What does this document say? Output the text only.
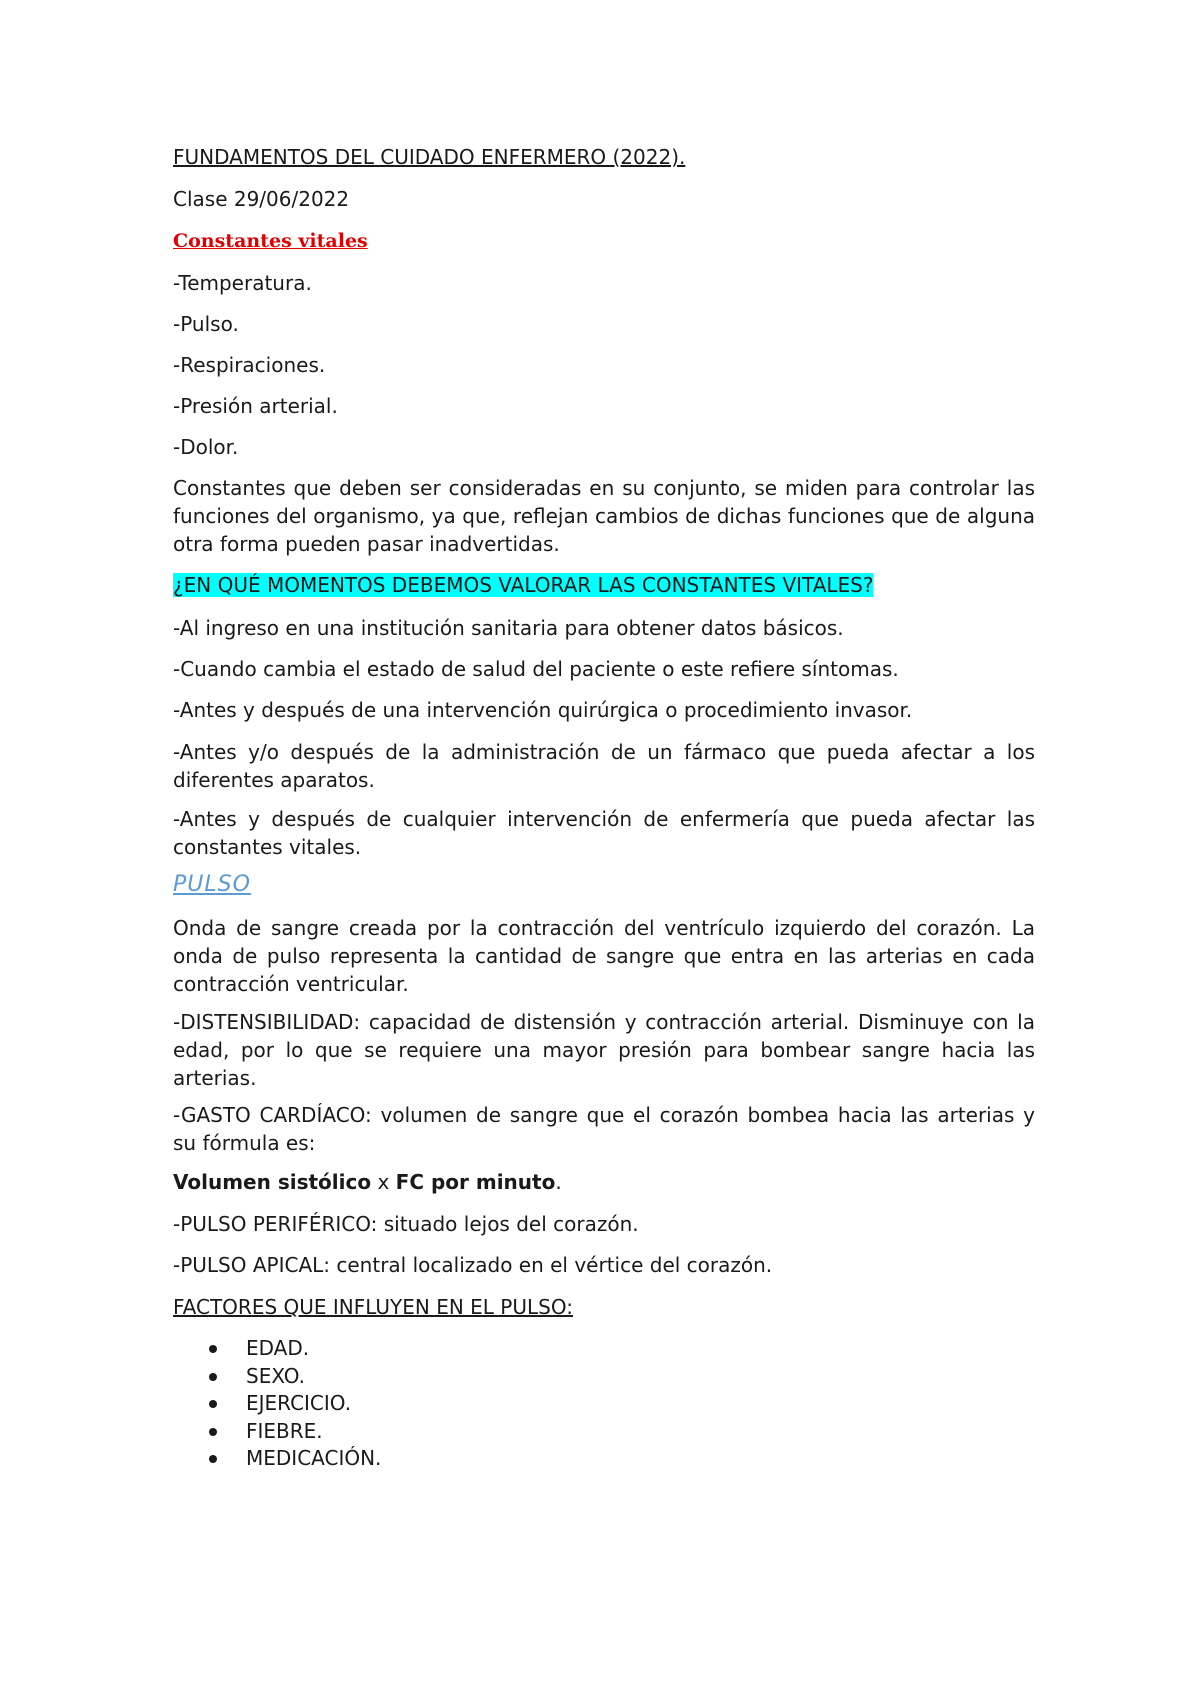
FUNDAMENTOS DEL CUIDADO ENFERMERO (2022).
Clase 29/06/2022
Constantes vitales
-Temperatura.
-Pulso.
-Respiraciones.
-Presión arterial.
-Dolor.
Constantes que deben ser consideradas en su conjunto, se miden para controlar las funciones del organismo, ya que, reflejan cambios de dichas funciones que de alguna otra forma pueden pasar inadvertidas.
¿EN QUÉ MOMENTOS DEBEMOS VALORAR LAS CONSTANTES VITALES?
-Al ingreso en una institución sanitaria para obtener datos básicos.
-Cuando cambia el estado de salud del paciente o este refiere síntomas.
-Antes y después de una intervención quirúrgica o procedimiento invasor.
-Antes y/o después de la administración de un fármaco que pueda afectar a los diferentes aparatos.
-Antes y después de cualquier intervención de enfermería que pueda afectar las constantes vitales.
PULSO
Onda de sangre creada por la contracción del ventrículo izquierdo del corazón. La onda de pulso representa la cantidad de sangre que entra en las arterias en cada contracción ventricular.
-DISTENSIBILIDAD: capacidad de distensión y contracción arterial. Disminuye con la edad, por lo que se requiere una mayor presión para bombear sangre hacia las arterias.
-GASTO CARDÍACO: volumen de sangre que el corazón bombea hacia las arterias y su fórmula es:
Volumen sistólico x FC por minuto.
-PULSO PERIFÉRICO: situado lejos del corazón.
-PULSO APICAL: central localizado en el vértice del corazón.
FACTORES QUE INFLUYEN EN EL PULSO:
EDAD.
SEXO.
EJERCICIO.
FIEBRE.
MEDICACIÓN.
